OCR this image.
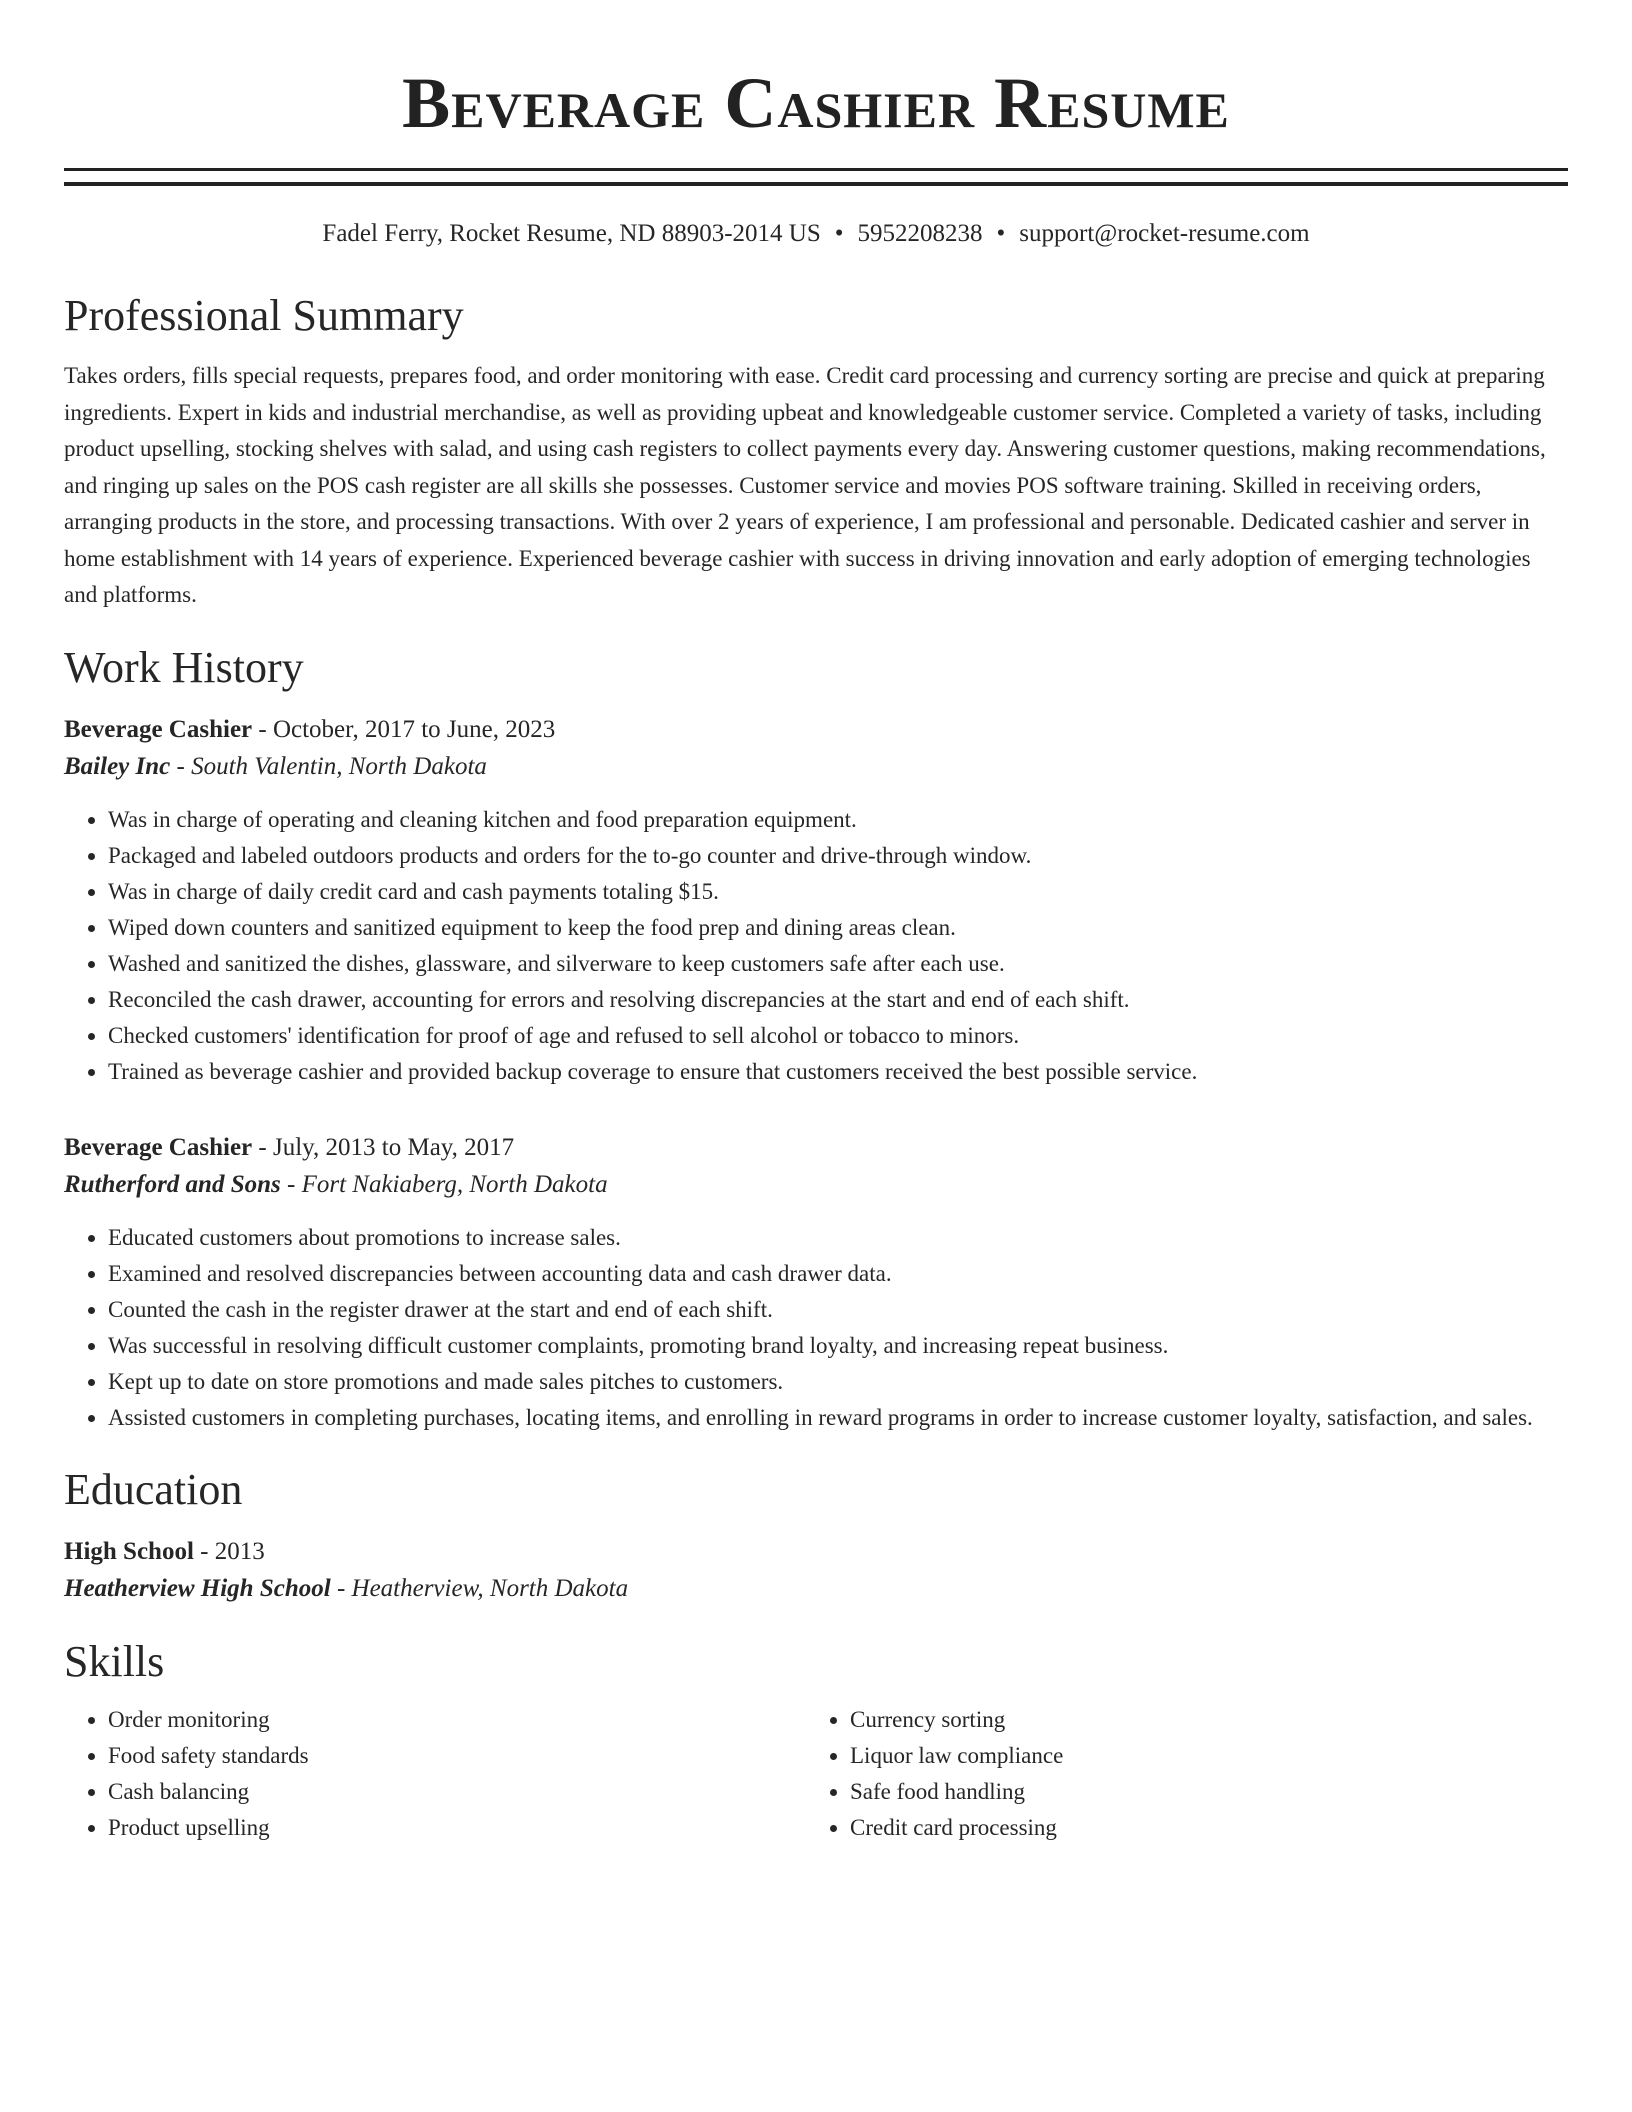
Beverage Cashier Resume
Fadel Ferry, Rocket Resume, ND 88903-2014 US • 5952208238 • support@rocket-resume.com
Professional Summary

Takes orders, fills special requests, prepares food, and order monitoring with ease. Credit card processing and currency sorting are precise and quick at preparing ingredients. Expert in kids and industrial merchandise, as well as providing upbeat and knowledgeable customer service. Completed a variety of tasks, including product upselling, stocking shelves with salad, and using cash registers to collect payments every day. Answering customer questions, making recommendations, and ringing up sales on the POS cash register are all skills she possesses. Customer service and movies POS software training. Skilled in receiving orders, arranging products in the store, and processing transactions. With over 2 years of experience, I am professional and personable. Dedicated cashier and server in home establishment with 14 years of experience. Experienced beverage cashier with success in driving innovation and early adoption of emerging technologies and platforms.

Work History
Beverage Cashier - October, 2017 to June, 2023
Bailey Inc - South Valentin, North Dakota
• Was in charge of operating and cleaning kitchen and food preparation equipment.
• Packaged and labeled outdoors products and orders for the to-go counter and drive-through window.
• Was in charge of daily credit card and cash payments totaling $15.
• Wiped down counters and sanitized equipment to keep the food prep and dining areas clean.
• Washed and sanitized the dishes, glassware, and silverware to keep customers safe after each use.
• Reconciled the cash drawer, accounting for errors and resolving discrepancies at the start and end of each shift.
• Checked customers' identification for proof of age and refused to sell alcohol or tobacco to minors.
• Trained as beverage cashier and provided backup coverage to ensure that customers received the best possible service.
Beverage Cashier - July, 2013 to May, 2017
Rutherford and Sons - Fort Nakiaberg, North Dakota
• Educated customers about promotions to increase sales.
• Examined and resolved discrepancies between accounting data and cash drawer data.
• Counted the cash in the register drawer at the start and end of each shift.
• Was successful in resolving difficult customer complaints, promoting brand loyalty, and increasing repeat business.
• Kept up to date on store promotions and made sales pitches to customers.
• Assisted customers in completing purchases, locating items, and enrolling in reward programs in order to increase customer loyalty, satisfaction, and sales.
Education
High School - 2013
Heatherview High School - Heatherview, North Dakota
Skills
• Order monitoring
• Food safety standards
• Cash balancing
• Product upselling
• Currency sorting
• Liquor law compliance
• Safe food handling
• Credit card processing
